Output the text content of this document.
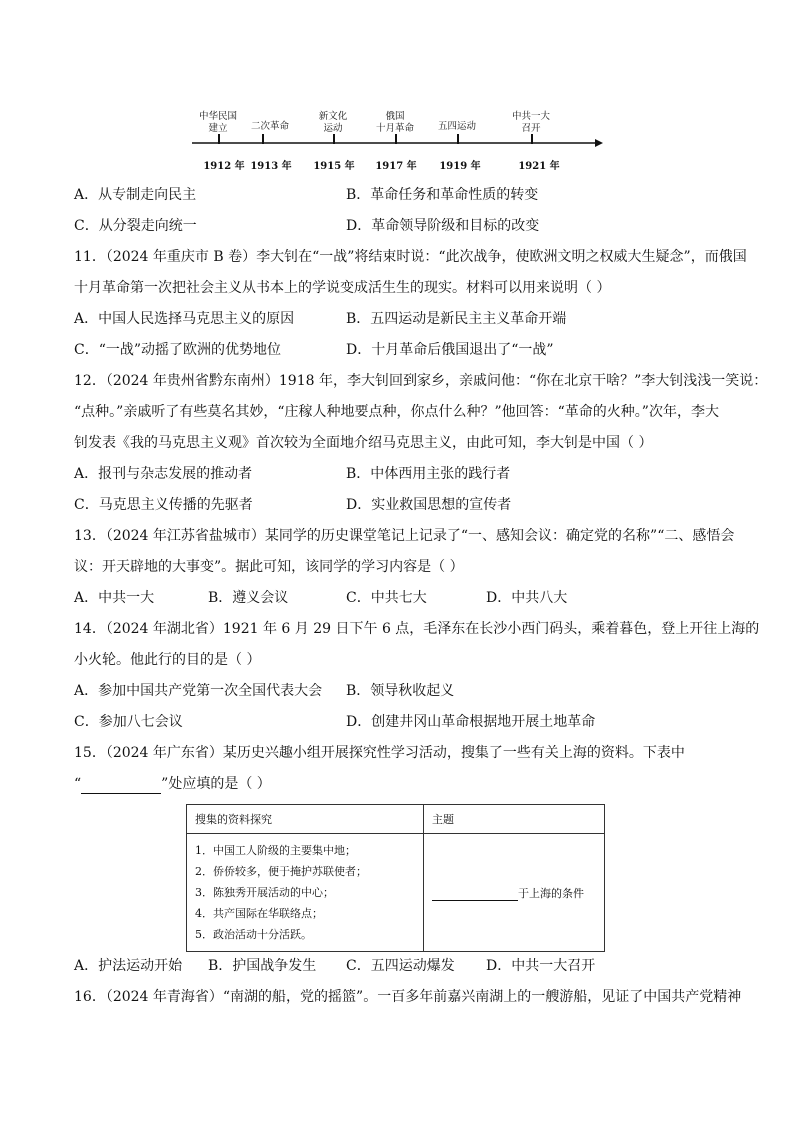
中华民国
建立
1912 年
二次革命
1913 年
新文化
运动
1915 年
俄国
十月革命
1917 年
五四运动
1919 年
中共一大
召开
1921 年
A．从专制走向民主	B．革命任务和革命性质的转变
C．从分裂走向统一	D．革命领导阶级和目标的改变
11．（2024 年重庆市 B 卷）李大钊在“一战”将结束时说：“此次战争，使欧洲文明之权威大生疑念”，而俄国
十月革命第一次把社会主义从书本上的学说变成活生生的现实。材料可以用来说明（ ）
A．中国人民选择马克思主义的原因	B．五四运动是新民主主义革命开端
C．“一战”动摇了欧洲的优势地位	D．十月革命后俄国退出了“一战”
12．（2024 年贵州省黔东南州）1918 年，李大钊回到家乡，亲戚问他：“你在北京干啥？”李大钊浅浅一笑说：
“点种。”亲戚听了有些莫名其妙，“庄稼人种地要点种，你点什么种？”他回答：“革命的火种。”次年，李大
钊发表《我的马克思主义观》首次较为全面地介绍马克思主义，由此可知，李大钊是中国（ ）
A．报刊与杂志发展的推动者	B．中体西用主张的践行者
C．马克思主义传播的先驱者	D．实业救国思想的宣传者
13．（2024 年江苏省盐城市）某同学的历史课堂笔记上记录了“一、感知会议：确定党的名称”“二、感悟会
议：开天辟地的大事变”。据此可知，该同学的学习内容是（ ）
A．中共一大	B．遵义会议	C．中共七大	D．中共八大
14．（2024 年湖北省）1921 年 6 月 29 日下午 6 点，毛泽东在长沙小西门码头，乘着暮色，登上开往上海的
小火轮。他此行的目的是（ ）
A．参加中国共产党第一次全国代表大会 B．领导秋收起义
C．参加八七会议	D．创建井冈山革命根据地开展土地革命
15．（2024 年广东省）某历史兴趣小组开展探究性学习活动，搜集了一些有关上海的资料。下表中
“	”处应填的是（ ）
搜集的资料探究	主题

1．中国工人阶级的主要集中地；
2．侨侨较多，便于掩护苏联使者；
3．陈独秀开展活动的中心；
4．共产国际在华联络点；
5．政治活动十分活跃。	于上海的条件
A．护法运动开始 B．护国战争发生 C．五四运动爆发 D．中共一大召开
16．（2024 年青海省）“南湖的船，党的摇篮”。一百多年前嘉兴南湖上的一艘游船，见证了中国共产党精神
